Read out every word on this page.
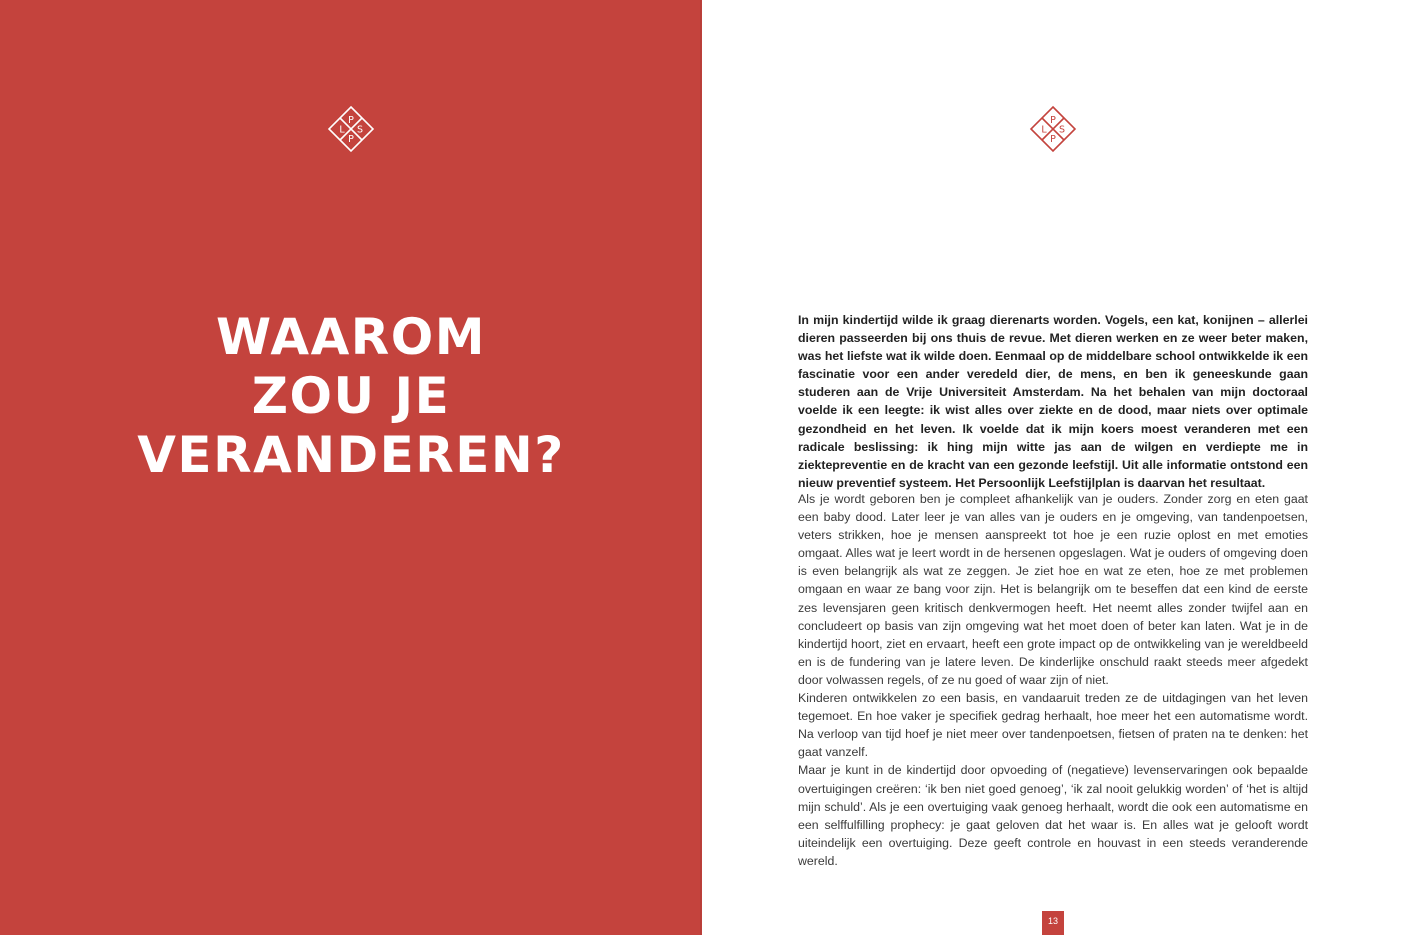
P
L S
P
WAAROM
ZOU JE
VERANDEREN?
P
L S
P
In mijn kindertijd wilde ik graag dierenarts worden. Vogels, een kat, konijnen – allerlei dieren passeerden bij ons thuis de revue. Met dieren werken en ze weer beter maken, was het liefste wat ik wilde doen. Eenmaal op de middelbare school ontwikkelde ik een fascinatie voor een ander veredeld dier, de mens, en ben ik geneeskunde gaan studeren aan de Vrije Universiteit Amsterdam. Na het behalen van mijn doctoraal voelde ik een leegte: ik wist alles over ziekte en de dood, maar niets over optimale gezondheid en het leven. Ik voelde dat ik mijn koers moest veranderen met een radicale beslissing: ik hing mijn witte jas aan de wilgen en verdiepte me in ziektepreventie en de kracht van een gezonde leefstijl. Uit alle informatie ontstond een nieuw preventief systeem. Het Persoonlijk Leefstijlplan is daarvan het resultaat.

Als je wordt geboren ben je compleet afhankelijk van je ouders. Zonder zorg en eten gaat een baby dood. Later leer je van alles van je ouders en je omgeving, van tandenpoetsen, veters strikken, hoe je mensen aanspreekt tot hoe je een ruzie oplost en met emoties omgaat. Alles wat je leert wordt in de hersenen opgeslagen. Wat je ouders of omgeving doen is even belangrijk als wat ze zeggen. Je ziet hoe en wat ze eten, hoe ze met problemen omgaan en waar ze bang voor zijn. Het is belangrijk om te beseffen dat een kind de eerste zes levensjaren geen kritisch denkvermogen heeft. Het neemt alles zonder twijfel aan en concludeert op basis van zijn omgeving wat het moet doen of beter kan laten. Wat je in de kindertijd hoort, ziet en ervaart, heeft een grote impact op de ontwikkeling van je wereldbeeld en is de fundering van je latere leven. De kinderlijke onschuld raakt steeds meer afgedekt door volwassen regels, of ze nu goed of waar zijn of niet.

Kinderen ontwikkelen zo een basis, en vandaaruit treden ze de uitdagingen van het leven tegemoet. En hoe vaker je specifiek gedrag herhaalt, hoe meer het een automatisme wordt. Na verloop van tijd hoef je niet meer over tandenpoetsen, fietsen of praten na te denken: het gaat vanzelf.

Maar je kunt in de kindertijd door opvoeding of (negatieve) levenservaringen ook bepaalde overtuigingen creëren: ‘ik ben niet goed genoeg’, ‘ik zal nooit gelukkig worden’ of ‘het is altijd mijn schuld’. Als je een overtuiging vaak genoeg herhaalt, wordt die ook een automatisme en een selffulfilling prophecy: je gaat geloven dat het waar is. En alles wat je gelooft wordt uiteindelijk een overtuiging. Deze geeft controle en houvast in een steeds veranderende wereld.

13
